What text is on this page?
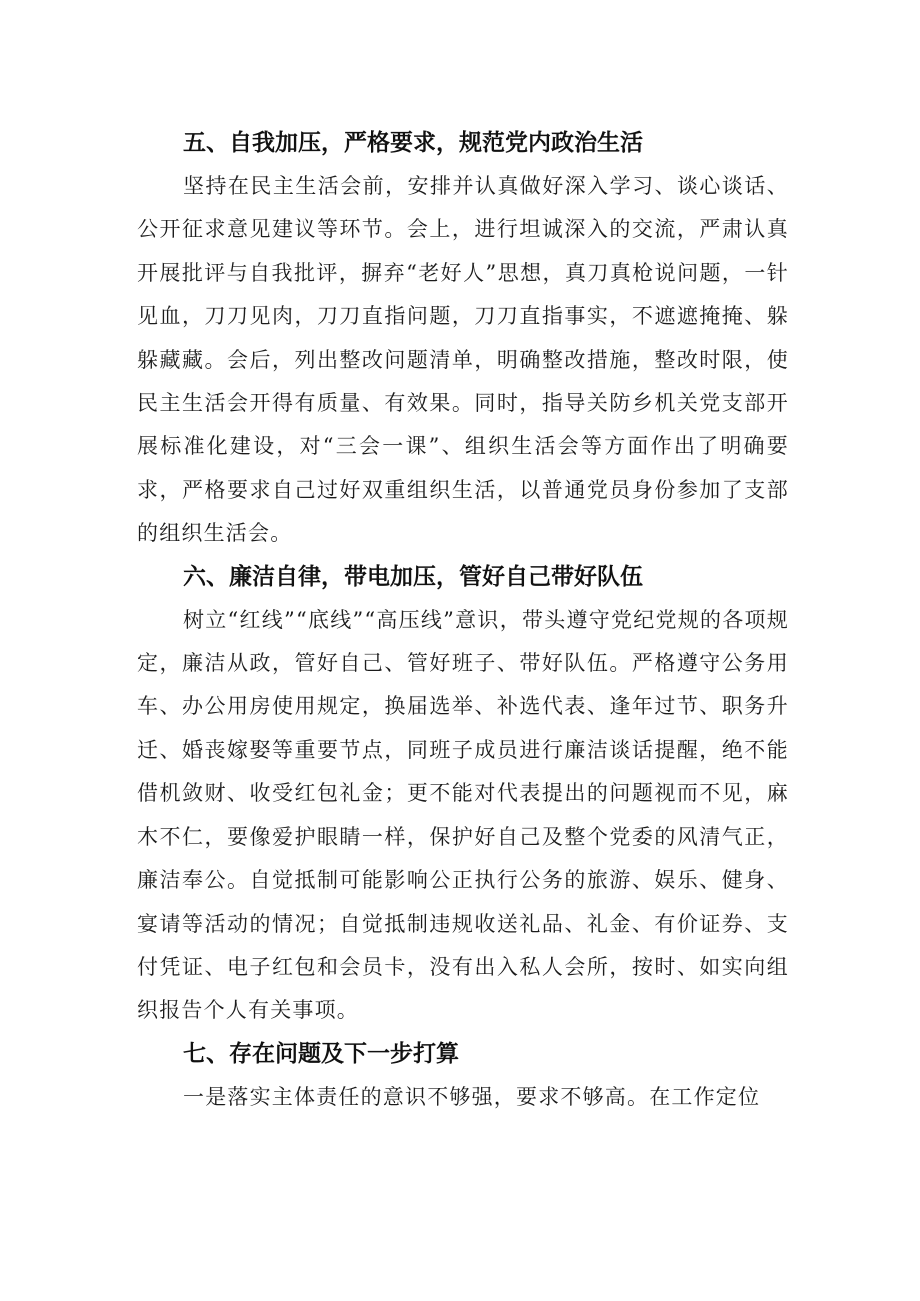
五、自我加压，严格要求，规范党内政治生活

坚持在民主生活会前，安排并认真做好深入学习、谈心谈话、公开征求意见建议等环节。会上，进行坦诚深入的交流，严肃认真开展批评与自我批评，摒弃“老好人”思想，真刀真枪说问题，一针见血，刀刀见肉，刀刀直指问题，刀刀直指事实，不遮遮掩掩、躲躲藏藏。会后，列出整改问题清单，明确整改措施，整改时限，使民主生活会开得有质量、有效果。同时，指导关防乡机关党支部开展标准化建设，对“三会一课”、组织生活会等方面作出了明确要求，严格要求自己过好双重组织生活，以普通党员身份参加了支部的组织生活会。

六、廉洁自律，带电加压，管好自己带好队伍

树立“红线”“底线”“高压线”意识，带头遵守党纪党规的各项规定，廉洁从政，管好自己、管好班子、带好队伍。严格遵守公务用车、办公用房使用规定，换届选举、补选代表、逢年过节、职务升迁、婚丧嫁娶等重要节点，同班子成员进行廉洁谈话提醒，绝不能借机敛财、收受红包礼金；更不能对代表提出的问题视而不见，麻木不仁，要像爱护眼睛一样，保护好自己及整个党委的风清气正，廉洁奉公。自觉抵制可能影响公正执行公务的旅游、娱乐、健身、宴请等活动的情况；自觉抵制违规收送礼品、礼金、有价证券、支付凭证、电子红包和会员卡，没有出入私人会所，按时、如实向组织报告个人有关事项。

七、存在问题及下一步打算

一是落实主体责任的意识不够强，要求不够高。在工作定位
